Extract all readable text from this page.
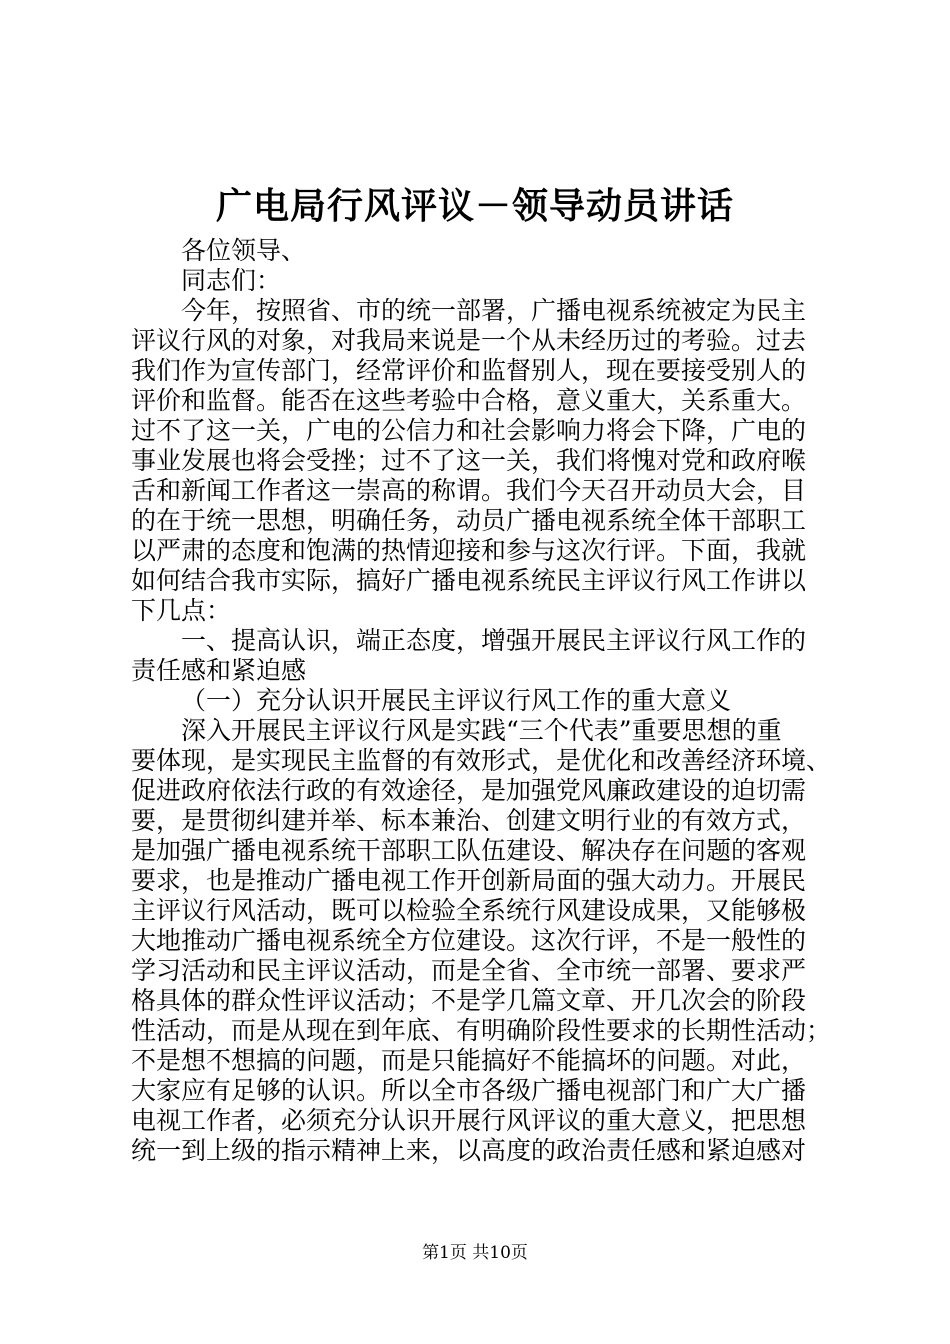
广电局行风评议－领导动员讲话
各位领导、
同志们：
今年，按照省、市的统一部署，广播电视系统被定为民主
评议行风的对象，对我局来说是一个从未经历过的考验。过去
我们作为宣传部门，经常评价和监督别人，现在要接受别人的
评价和监督。能否在这些考验中合格，意义重大，关系重大。
过不了这一关，广电的公信力和社会影响力将会下降，广电的
事业发展也将会受挫；过不了这一关，我们将愧对党和政府喉
舌和新闻工作者这一崇高的称谓。我们今天召开动员大会，目
的在于统一思想，明确任务，动员广播电视系统全体干部职工
以严肃的态度和饱满的热情迎接和参与这次行评。下面，我就
如何结合我市实际，搞好广播电视系统民主评议行风工作讲以
下几点：
一、提高认识，端正态度，增强开展民主评议行风工作的
责任感和紧迫感
（一）充分认识开展民主评议行风工作的重大意义
深入开展民主评议行风是实践“三个代表”重要思想的重
要体现，是实现民主监督的有效形式，是优化和改善经济环境、
促进政府依法行政的有效途径，是加强党风廉政建设的迫切需
要，是贯彻纠建并举、标本兼治、创建文明行业的有效方式，
是加强广播电视系统干部职工队伍建设、解决存在问题的客观
要求，也是推动广播电视工作开创新局面的强大动力。开展民
主评议行风活动，既可以检验全系统行风建设成果，又能够极
大地推动广播电视系统全方位建设。这次行评，不是一般性的
学习活动和民主评议活动，而是全省、全市统一部署、要求严
格具体的群众性评议活动；不是学几篇文章、开几次会的阶段
性活动，而是从现在到年底、有明确阶段性要求的长期性活动；
不是想不想搞的问题，而是只能搞好不能搞坏的问题。对此，
大家应有足够的认识。所以全市各级广播电视部门和广大广播
电视工作者，必须充分认识开展行风评议的重大意义，把思想
统一到上级的指示精神上来，以高度的政治责任感和紧迫感对
第1页 共10页
